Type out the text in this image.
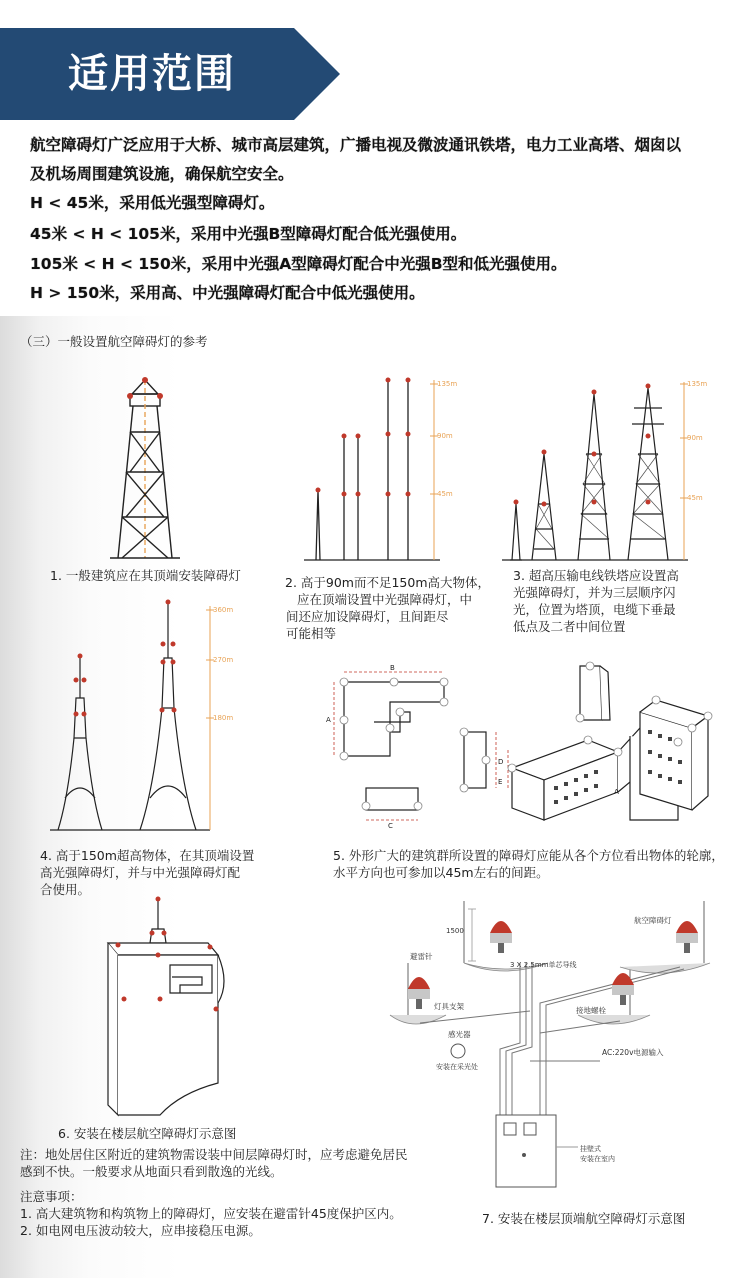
适用范围
航空障碍灯广泛应用于大桥、城市高层建筑，广播电视及微波通讯铁塔，电力工业高塔、烟囱以
及机场周围建筑设施，确保航空安全。
H < 45米，采用低光强型障碍灯。
45米 < H < 105米，采用中光强B型障碍灯配合低光强使用。
105米 < H < 150米，采用中光强A型障碍灯配合中光强B型和低光强使用。
H > 150米，采用高、中光强障碍灯配合中低光强使用。
（三）一般设置航空障碍灯的参考
1. 一般建筑应在其顶端安装障碍灯
135m
90m
45m
2. 高于90m而不足150m高大物体，
应在顶端设置中光强障碍灯，中
间还应加设障碍灯，且间距尽
可能相等
135m
90m
45m
3. 超高压输电线铁塔应设置高
光强障碍灯，并为三层顺序闪
光，位置为塔顶，电缆下垂最
低点及二者中间位置
360m
270m
180m
4. 高于150m超高物体，在其顶端设置
高光强障碍灯，并与中光强障碍灯配
合使用。
B
A
C
D
E
A
5. 外形广大的建筑群所设置的障碍灯应能从各个方位看出物体的轮廓，
水平方向也可参加以45m左右的间距。
6. 安装在楼层航空障碍灯示意图
1500
航空障碍灯
避雷针
3 X 2.5mm单芯导线
灯具支架	接地螺栓
感光器
安装在采光处
AC:220v电源输入
挂壁式
安装在室内
7. 安装在楼层顶端航空障碍灯示意图
注：地处居住区附近的建筑物需设装中间层障碍灯时，应考虑避免居民
感到不快。一般要求从地面只看到散逸的光线。
注意事项：
1. 高大建筑物和构筑物上的障碍灯，应安装在避雷针45度保护区内。
2. 如电网电压波动较大，应串接稳压电源。
